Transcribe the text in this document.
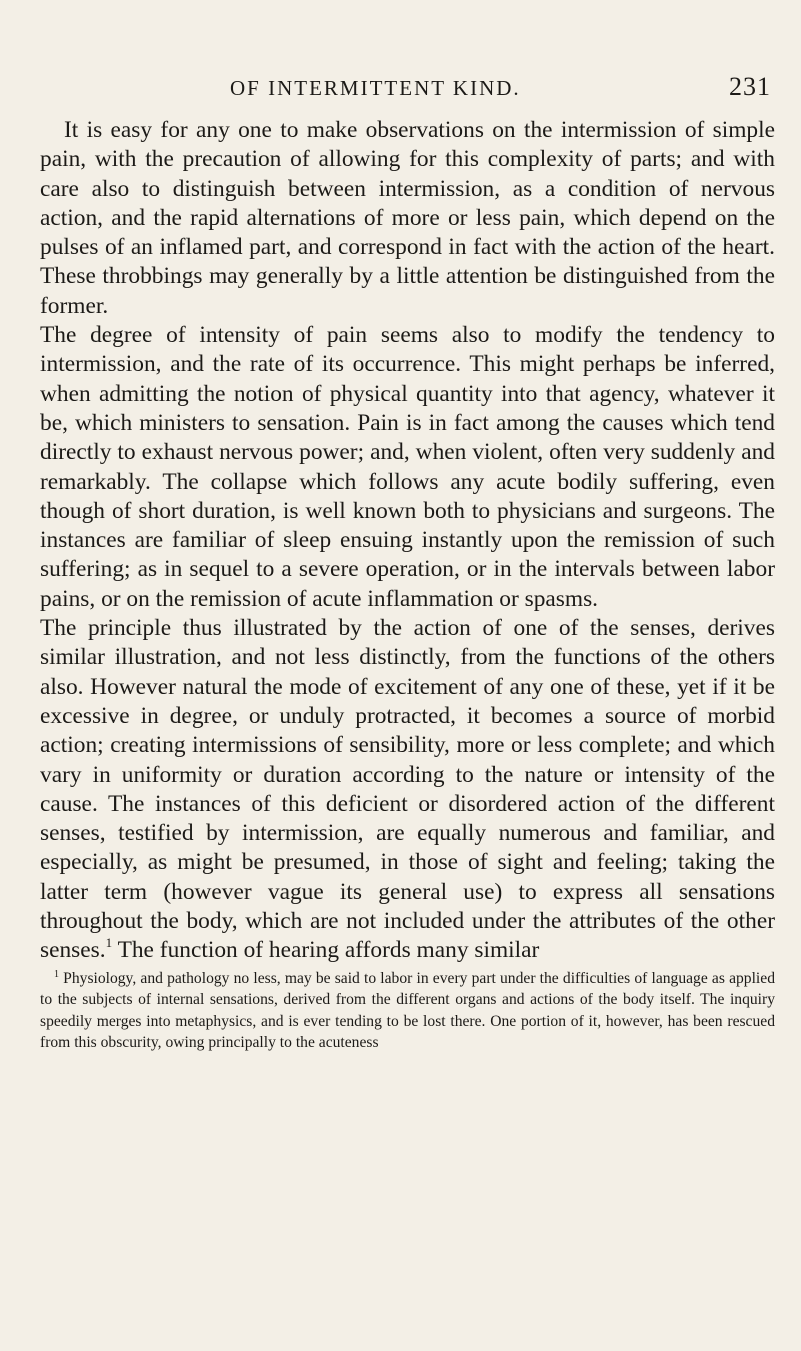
OF INTERMITTENT KIND.	231

It is easy for any one to make observations on the intermission of simple pain, with the precaution of allowing for this complexity of parts; and with care also to distinguish between intermission, as a condition of nervous action, and the rapid alternations of more or less pain, which depend on the pulses of an inflamed part, and correspond in fact with the action of the heart. These throbbings may generally by a little attention be distinguished from the former.

The degree of intensity of pain seems also to modify the tendency to intermission, and the rate of its occurrence. This might perhaps be inferred, when admitting the notion of physical quantity into that agency, whatever it be, which ministers to sensation. Pain is in fact among the causes which tend directly to exhaust nervous power; and, when violent, often very suddenly and remarkably. The collapse which follows any acute bodily suffering, even though of short duration, is well known both to physicians and surgeons. The instances are familiar of sleep ensuing instantly upon the remission of such suffering; as in sequel to a severe operation, or in the intervals between labor pains, or on the remission of acute inflammation or spasms.

The principle thus illustrated by the action of one of the senses, derives similar illustration, and not less distinctly, from the functions of the others also. However natural the mode of excitement of any one of these, yet if it be excessive in degree, or unduly protracted, it becomes a source of morbid action; creating intermissions of sensibility, more or less complete; and which vary in uniformity or duration according to the nature or intensity of the cause. The instances of this deficient or disordered action of the different senses, testified by intermission, are equally numerous and familiar, and especially, as might be presumed, in those of sight and feeling; taking the latter term (however vague its general use) to express all sensations throughout the body, which are not included under the attributes of the other senses.$^1$ The function of hearing affords many similar

$^1$ Physiology, and pathology no less, may be said to labor in every part under the difficulties of language as applied to the subjects of internal sensations, derived from the different organs and actions of the body itself. The inquiry speedily merges into metaphysics, and is ever tending to be lost there. One portion of it, however, has been rescued from this obscurity, owing principally to the acuteness
